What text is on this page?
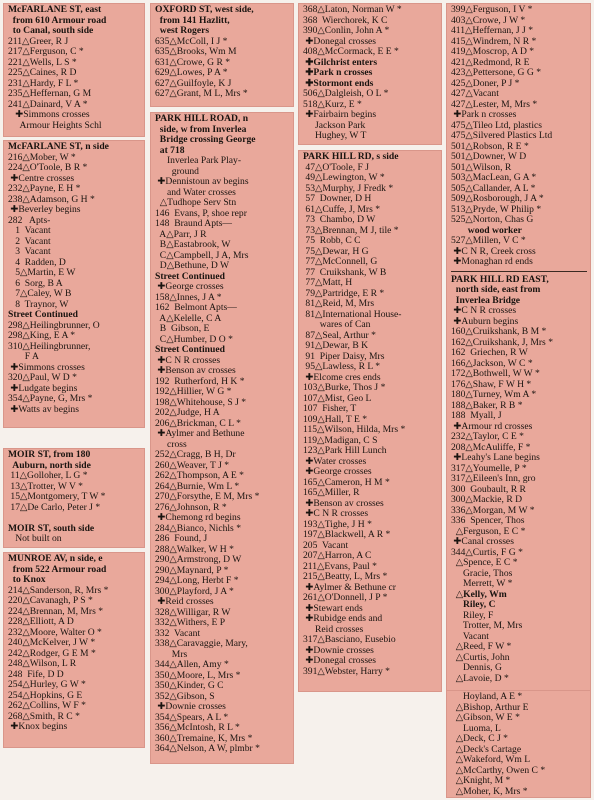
McFARLANE ST, east
from 610 Armour road
to Canal, south side
211△Greer, R J
217△Ferguson, C *
221△Wells, L S *
225△Caines, R D
231△Hardy, F L *
235△Heffernan, G M
241△Dainard, V A *
✚Simmons crosses
Armour Heights Schl
McFARLANE ST, n side
216△Mober, W *
224△O'Toole, B R *
✚Centre crosses
232△Payne, E H *
238△Adamson, G H *
✚Beverley begins
282   Apts-
1  Vacant
2  Vacant
3  Vacant
4  Radden, D
5△Martin, E W
6  Sorg, B A
7△Caley, W B
8  Traynor, W
Street Continued
298△Heilingbrunner, O
298△King, E A *
310△Heilingbrunner,
F A
✚Simmons crosses
320△Paul, W D *
✚Ludgate begins
354△Payne, G, Mrs *
✚Watts av begins
MOIR ST, from 180
Auburn, north side
11△Golloher, L G *
13△Trotter, W V *
15△Montgomery, T W *
17△De Carlo, Peter J *
MOIR ST, south side
Not built on
MUNROE AV, n side, e
from 522 Armour road
to Knox
214△Sanderson, R, Mrs *
220△Cavanagh, P S *
224△Brennan, M, Mrs *
228△Elliott, A D
232△Moore, Walter O *
240△McKelver, J W *
242△Rodger, G E M *
248△Wilson, L R
248  Fife, D D
254△Hurley, G W *
254△Hopkins, G E
262△Collins, W F *
268△Smith, R C *
✚Knox begins
OXFORD ST, west side,
from 141 Hazlitt,
west Rogers
635△McColl, I J *
635△Brooks, Wm M
631△Crowe, G R *
629△Lowes, P A *
627△Guilfoyle, K J
627△Grant, M L, Mrs *
PARK HILL ROAD, n
side, w from Inverlea
Bridge crossing George
at 718
Inverlea Park Play-
ground
✚Dennistoun av begins
and Water crosses
△Tudhope Serv Stn
146  Evans, P, shoe repr
148  Braund Apts—
A△Parr, J R
B△Eastabrook, W
C△Campbell, J A, Mrs
D△Bethune, D W
Street Continued
✚George crosses
158△Innes, J A *
162  Belmont Apts—
A△Kelelle, C A
B  Gibson, E
C△Humber, D O *
Street Continued
✚C N R crosses
✚Benson av crosses
192  Rutherford, H K *
192△Hillier, W G *
198△Whitehouse, S J *
202△Judge, H A
206△Brickman, C L *
✚Aylmer and Bethune
cross
252△Cragg, B H, Dr
260△Weaver, T J *
262△Thompson, A E *
264△Burnie, Wm L *
270△Forsythe, E M, Mrs *
276△Johnson, R *
✚Chemong rd begins
284△Bianco, Nichls *
286  Found, J
288△Walker, W H *
290△Armstrong, D W
290△Maynard, P *
294△Long, Herbt F *
300△Playford, J A *
✚Reid crosses
328△Willigar, R W
332△Withers, E P
332  Vacant
338△Caravaggie, Mary,
Mrs
344△Allen, Amy *
350△Moore, L, Mrs *
350△Kinder, G C
352△Gibson, S
✚Downie crosses
354△Spears, A L *
356△McIntosh, R L *
360△Tremaine, K, Mrs *
364△Nelson, A W, plmbr *
368△Laton, Norman W *
368  Wierchorek, K C
390△Conlin, John A *
✚Donegal crosses
408△McCormack, E E *
✚Gilchrist enters
✚Park n crosses
✚Stormont ends
506△Dalgleish, O L *
518△Kurz, E *
✚Fairbairn begins
Jackson Park
Hughey, W T
PARK HILL RD, s side
47△O'Toole, F J
49△Lewington, W *
53△Murphy, J Fredk *
57  Downer, D H
61△Cuffe, J, Mrs *
73  Chambo, D W
73△Brennan, M J, tile *
75  Robb, C C
75△Dewar, H G
77△McConnell, G
77  Cruikshank, W B
77△Matt, H
79△Partridge, E R *
81△Reid, M, Mrs
81△International House-
wares of Can
87△Seal, Arthur *
91△Dewar, B K
91  Piper Daisy, Mrs
95△Lawless, R L *
✚Elcome cres ends
103△Burke, Thos J *
107△Mist, Geo L
107  Fisher, T
109△Hall, T E *
115△Wilson, Hilda, Mrs *
119△Madigan, C S
123△Park Hill Lunch
✚Water crosses
✚George crosses
165△Cameron, H M *
165△Miller, R
✚Benson av crosses
✚C N R crosses
193△Tighe, J H *
197△Blackwell, A R *
205  Vacant
207△Harron, A C
211△Evans, Paul *
215△Beatty, L, Mrs *
✚Aylmer & Bethune cr
261△O'Donnell, J P *
✚Stewart ends
✚Rubidge ends and
Reid crosses
317△Basciano, Eusebio
✚Downie crosses
✚Donegal crosses
391△Webster, Harry *
399△Ferguson, I V *
403△Crowe, J W *
411△Heffernan, J J *
415△Windrem, N R *
419△Moscrop, A D *
421△Redmond, R E
423△Pettersone, G G *
425△Doner, P J *
427△Vacant
427△Lester, M, Mrs *
✚Park n crosses
475△Tileo Ltd, plastics
475△Silvered Plastics Ltd
501△Robson, R E *
501△Downer, W D
501△Wilson, R
503△MacLean, G A *
505△Callander, A L *
509△Rosborough, J A *
513△Pryde, W Philip *
525△Norton, Chas G
wood worker
527△Millen, V C *
✚C N R, Creek cross
✚Monaghan rd ends
PARK HILL RD EAST,
north side, east from
Inverlea Bridge
✚C N R crosses
✚Auburn begins
160△Cruikshank, B M *
162△Cruikshank, J, Mrs *
162  Griechen, R W
166△Jackson, W C *
172△Bothwell, W W *
176△Shaw, F W H *
180△Turney, Wm A *
188△Baker, R B *
188  Myall, J
✚Armour rd crosses
232△Taylor, C E *
208△McAuliffe, F *
✚Leahy's Lane begins
317△Youmelle, P *
317△Eileen's Inn, gro
300  Goubault, R R
300△Mackie, R D
336△Morgan, M W *
336  Spencer, Thos
△Ferguson, E C *
✚Canal crosses
344△Curtis, F G *
△Spence, E C *
Gracie, Thos
Merrett, W *
△Kelly, Wm
Riley, C
Riley, F
Trotter, M, Mrs
Vacant
△Reed, F W *
△Curtis, John
Dennis, G
△Lavoie, D *
Hoyland, A E *
△Bishop, Arthur E
△Gibson, W E *
Luoma, L
△Deck, C J *
△Deck's Cartage
△Wakeford, Wm L
△McCarthy, Owen C *
△Knight, M *
△Moher, K, Mrs *
